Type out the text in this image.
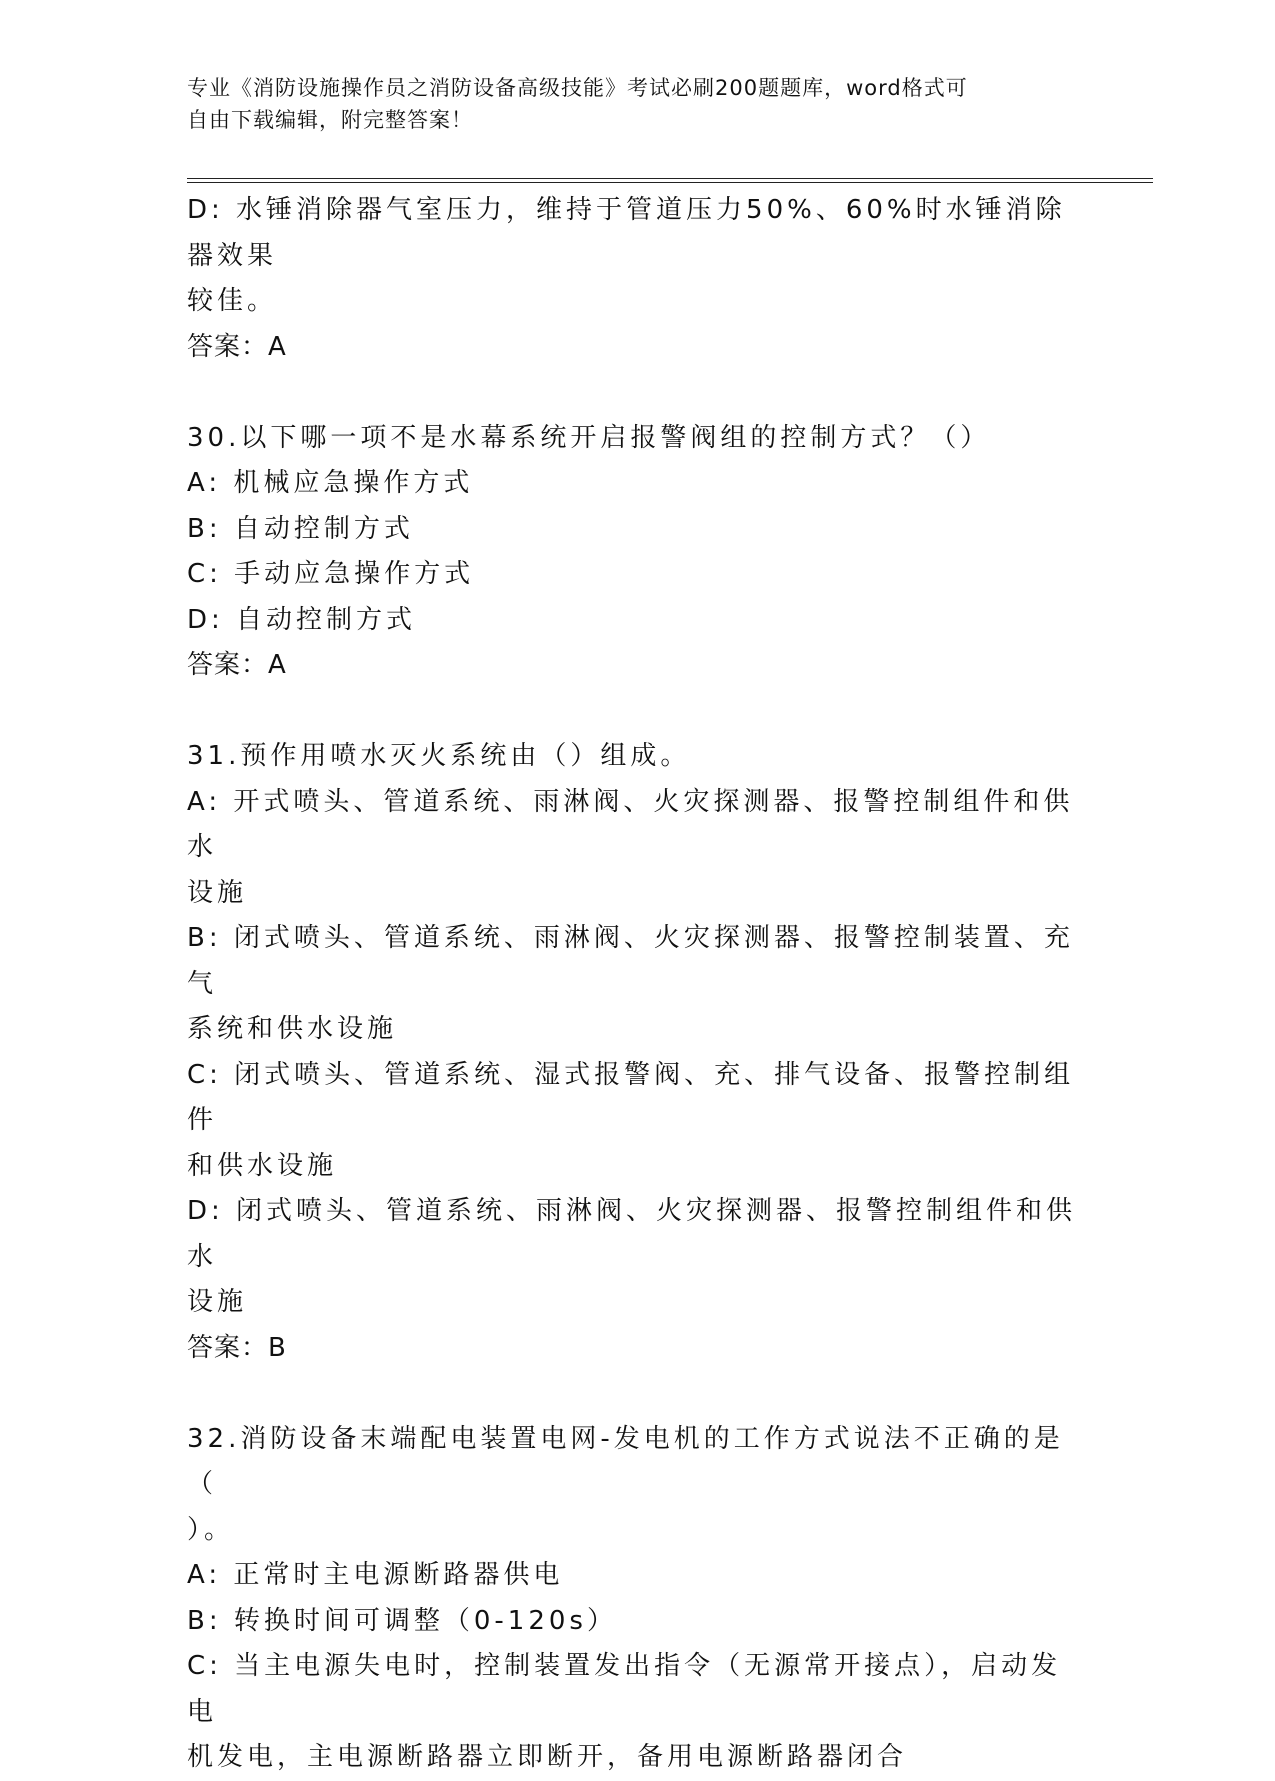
专业《消防设施操作员之消防设备高级技能》考试必刷200题题库，word格式可
自由下载编辑，附完整答案！
D: 水锤消除器气室压力，维持于管道压力50%、60%时水锤消除器效果
较佳。
答案：A
30.以下哪一项不是水幕系统开启报警阀组的控制方式？（）
A: 机械应急操作方式
B: 自动控制方式
C: 手动应急操作方式
D: 自动控制方式
答案：A
31.预作用喷水灭火系统由（）组成。
A: 开式喷头、管道系统、雨淋阀、火灾探测器、报警控制组件和供水
设施
B: 闭式喷头、管道系统、雨淋阀、火灾探测器、报警控制装置、充气
系统和供水设施
C: 闭式喷头、管道系统、湿式报警阀、充、排气设备、报警控制组件
和供水设施
D: 闭式喷头、管道系统、雨淋阀、火灾探测器、报警控制组件和供水
设施
答案：B
32.消防设备末端配电装置电网-发电机的工作方式说法不正确的是（
）。
A: 正常时主电源断路器供电
B: 转换时间可调整（0-120s）
C: 当主电源失电时，控制装置发出指令（无源常开接点），启动发电
机发电，主电源断路器立即断开，备用电源断路器闭合
